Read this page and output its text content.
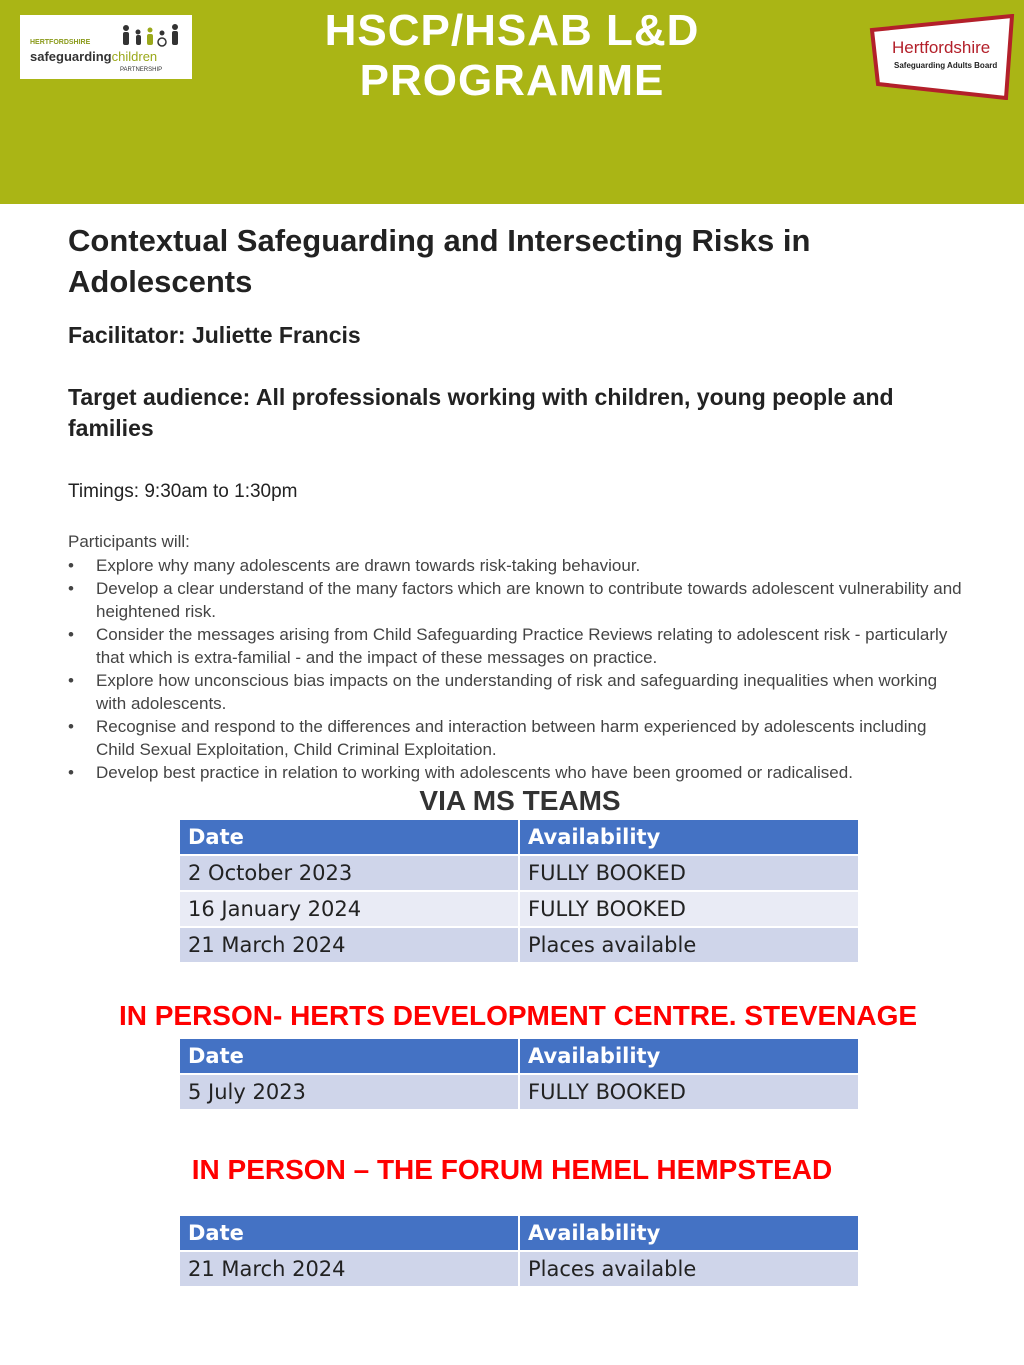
HERTFORDSHIRE
safeguardingchildren
PARTNERSHIP
HSCP/HSAB L&D
PROGRAMME
Hertfordshire
Safeguarding Adults Board
Contextual Safeguarding and Intersecting Risks in
Adolescents
Facilitator: Juliette Francis
Target audience: All professionals working with children, young people and families
Timings: 9:30am to 1:30pm
Participants will:
• Explore why many adolescents are drawn towards risk-taking behaviour.
• Develop a clear understand of the many factors which are known to contribute towards adolescent vulnerability and heightened risk.
• Consider the messages arising from Child Safeguarding Practice Reviews relating to adolescent risk - particularly that which is extra-familial - and the impact of these messages on practice.
• Explore how unconscious bias impacts on the understanding of risk and safeguarding inequalities when working with adolescents.
• Recognise and respond to the differences and interaction between harm experienced by adolescents including Child Sexual Exploitation, Child Criminal Exploitation.
• Develop best practice in relation to working with adolescents who have been groomed or radicalised.
VIA MS TEAMS
Date	Availability
2 October 2023	FULLY BOOKED
16 January 2024	FULLY BOOKED
21 March 2024	Places available
IN PERSON- HERTS DEVELOPMENT CENTRE. STEVENAGE
Date	Availability
5 July 2023	FULLY BOOKED
IN PERSON – THE FORUM HEMEL HEMPSTEAD
Date	Availability
21 March 2024	Places available
